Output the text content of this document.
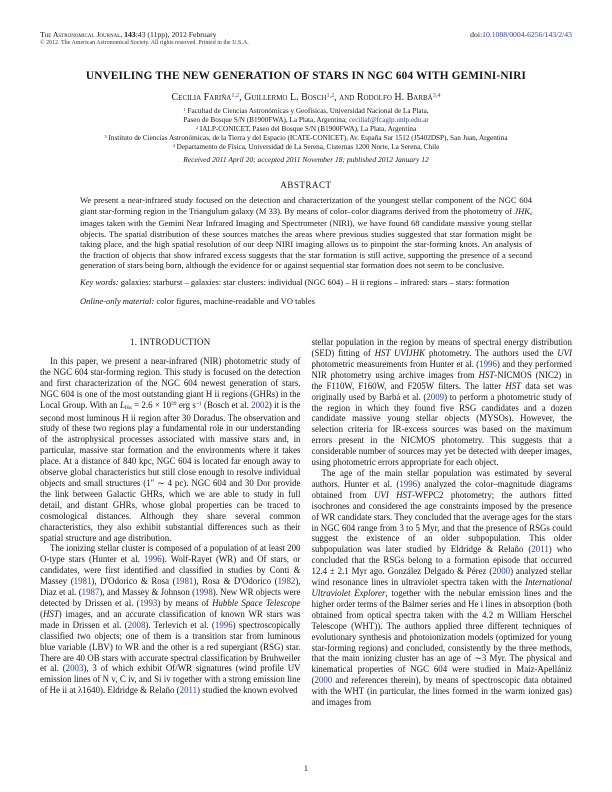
The Astronomical Journal, 143:43 (11pp), 2012 February
© 2012. The American Astronomical Society. All rights reserved. Printed in the U.S.A.
doi:10.1088/0004-6256/143/2/43
UNVEILING THE NEW GENERATION OF STARS IN NGC 604 WITH GEMINI-NIRI
Cecilia Fariña$^{1,2}$, Guillermo L. Bosch$^{1,2}$, and Rodolfo H. Barbá$^{3,4}$
$^1$ Facultad de Ciencias Astronómicas y Geofísicas, Universidad Nacional de La Plata,
Paseo de Bosque S/N (B1900FWA), La Plata, Argentina; ceciliaf@fcaglp.unlp.edu.ar
$^2$ IALP-CONICET, Paseo del Bosque S/N (B1900FWA), La Plata, Argentina
$^3$ Instituto de Ciencias Astronómicas, de la Tierra y del Espacio (ICATE-CONICET), Av. España Sur 1512 (J5402DSP), San Juan, Argentina
$^4$ Departamento de Física, Universidad de La Serena, Cisternas 1200 Norte, La Serena, Chile
Received 2011 April 20; accepted 2011 November 18; published 2012 January 12
ABSTRACT
We present a near-infrared study focused on the detection and characterization of the youngest stellar component of the NGC 604 giant star-forming region in the Triangulum galaxy (M 33). By means of color–color diagrams derived from the photometry of JHKs images taken with the Gemini Near Infrared Imaging and Spectrometer (NIRI), we have found 68 candidate massive young stellar objects. The spatial distribution of these sources matches the areas where previous studies suggested that star formation might be taking place, and the high spatial resolution of our deep NIRI imaging allows us to pinpoint the star-forming knots. An analysis of the fraction of objects that show infrared excess suggests that the star formation is still active, supporting the presence of a second generation of stars being born, although the evidence for or against sequential star formation does not seem to be conclusive.
Key words: galaxies: starburst – galaxies: star clusters: individual (NGC 604) – H ii regions – infrared: stars – stars: formation
Online-only material: color figures, machine-readable and VO tables
1. INTRODUCTION

In this paper, we present a near-infrared (NIR) photometric study of the NGC 604 star-forming region. This study is focused on the detection and first characterization of the NGC 604 newest generation of stars. NGC 604 is one of the most outstanding giant H ii regions (GHRs) in the Local Group. With an $LH\alpha = 2.6 \times 10^{39}$ erg $s^{-1}$ (Bosch et al. 2002) it is the second most luminous H ii region after 30 Doradus. The observation and study of these two regions play a fundamental role in our understanding of the astrophysical processes associated with massive stars and, in particular, massive star formation and the environments where it takes place. At a distance of 840 kpc, NGC 604 is located far enough away to observe global characteristics but still close enough to resolve individual objects and small structures (1″ ∼ 4 pc). NGC 604 and 30 Dor provide the link between Galactic GHRs, which we are able to study in full detail, and distant GHRs, whose global properties can be traced to cosmological distances. Although they share several common characteristics, they also exhibit substantial differences such as their spatial structure and age distribution.

The ionizing stellar cluster is composed of a population of at least 200 O-type stars (Hunter et al. 1996). Wolf-Rayet (WR) and Of stars, or candidates, were first identified and classified in studies by Conti & Massey (1981), D'Odorico & Rosa (1981), Rosa & D'Odorico (1982), Diaz et al. (1987), and Massey & Johnson (1998). New WR objects were detected by Drissen et al. (1993) by means of Hubble Space Telescope (HST) images, and an accurate classification of known WR stars was made in Drissen et al. (2008). Terlevich et al. (1996) spectroscopically classified two objects; one of them is a transition star from luminous blue variable (LBV) to WR and the other is a red supergiant (RSG) star. There are 40 OB stars with accurate spectral classification by Bruhweiler et al. (2003), 3 of which exhibit Of/WR signatures (wind profile UV emission lines of N v, C iv, and Si iv together with a strong emission line of He ii at λ1640). Eldridge & Relaño (2011) studied the known evolved

stellar population in the region by means of spectral energy distribution (SED) fitting of HST UVIJHK photometry. The authors used the UVI photometric measurements from Hunter et al. (1996) and they performed NIR photometry using archive images from HST-NICMOS (NIC2) in the F110W, F160W, and F205W filters. The latter HST data set was originally used by Barbá et al. (2009) to perform a photometric study of the region in which they found five RSG candidates and a dozen candidate massive young stellar objects (MYSOs). However, the selection criteria for IR-excess sources was based on the maximum errors present in the NICMOS photometry. This suggests that a considerable number of sources may yet be detected with deeper images, using photometric errors appropriate for each object.

The age of the main stellar population was estimated by several authors. Hunter et al. (1996) analyzed the color–magnitude diagrams obtained from UVI HST-WFPC2 photometry; the authors fitted isochrones and considered the age constraints imposed by the presence of WR candidate stars. They concluded that the average ages for the stars in NGC 604 range from 3 to 5 Myr, and that the presence of RSGs could suggest the existence of an older subpopulation. This older subpopulation was later studied by Eldridge & Relaño (2011) who concluded that the RSGs belong to a formation episode that occurred 12.4 ± 2.1 Myr ago. González Delgado & Pérez (2000) analyzed stellar wind resonance lines in ultraviolet spectra taken with the International Ultraviolet Explorer, together with the nebular emission lines and the higher order terms of the Balmer series and He i lines in absorption (both obtained from optical spectra taken with the 4.2 m William Herschel Telescope (WHT)). The authors applied three different techniques of evolutionary synthesis and photoionization models (optimized for young star-forming regions) and concluded, consistently by the three methods, that the main ionizing cluster has an age of ∼3 Myr. The physical and kinematical properties of NGC 604 were studied in Maíz-Apellániz (2000 and references therein), by means of spectroscopic data obtained with the WHT (in particular, the lines formed in the warm ionized gas) and images from

1
